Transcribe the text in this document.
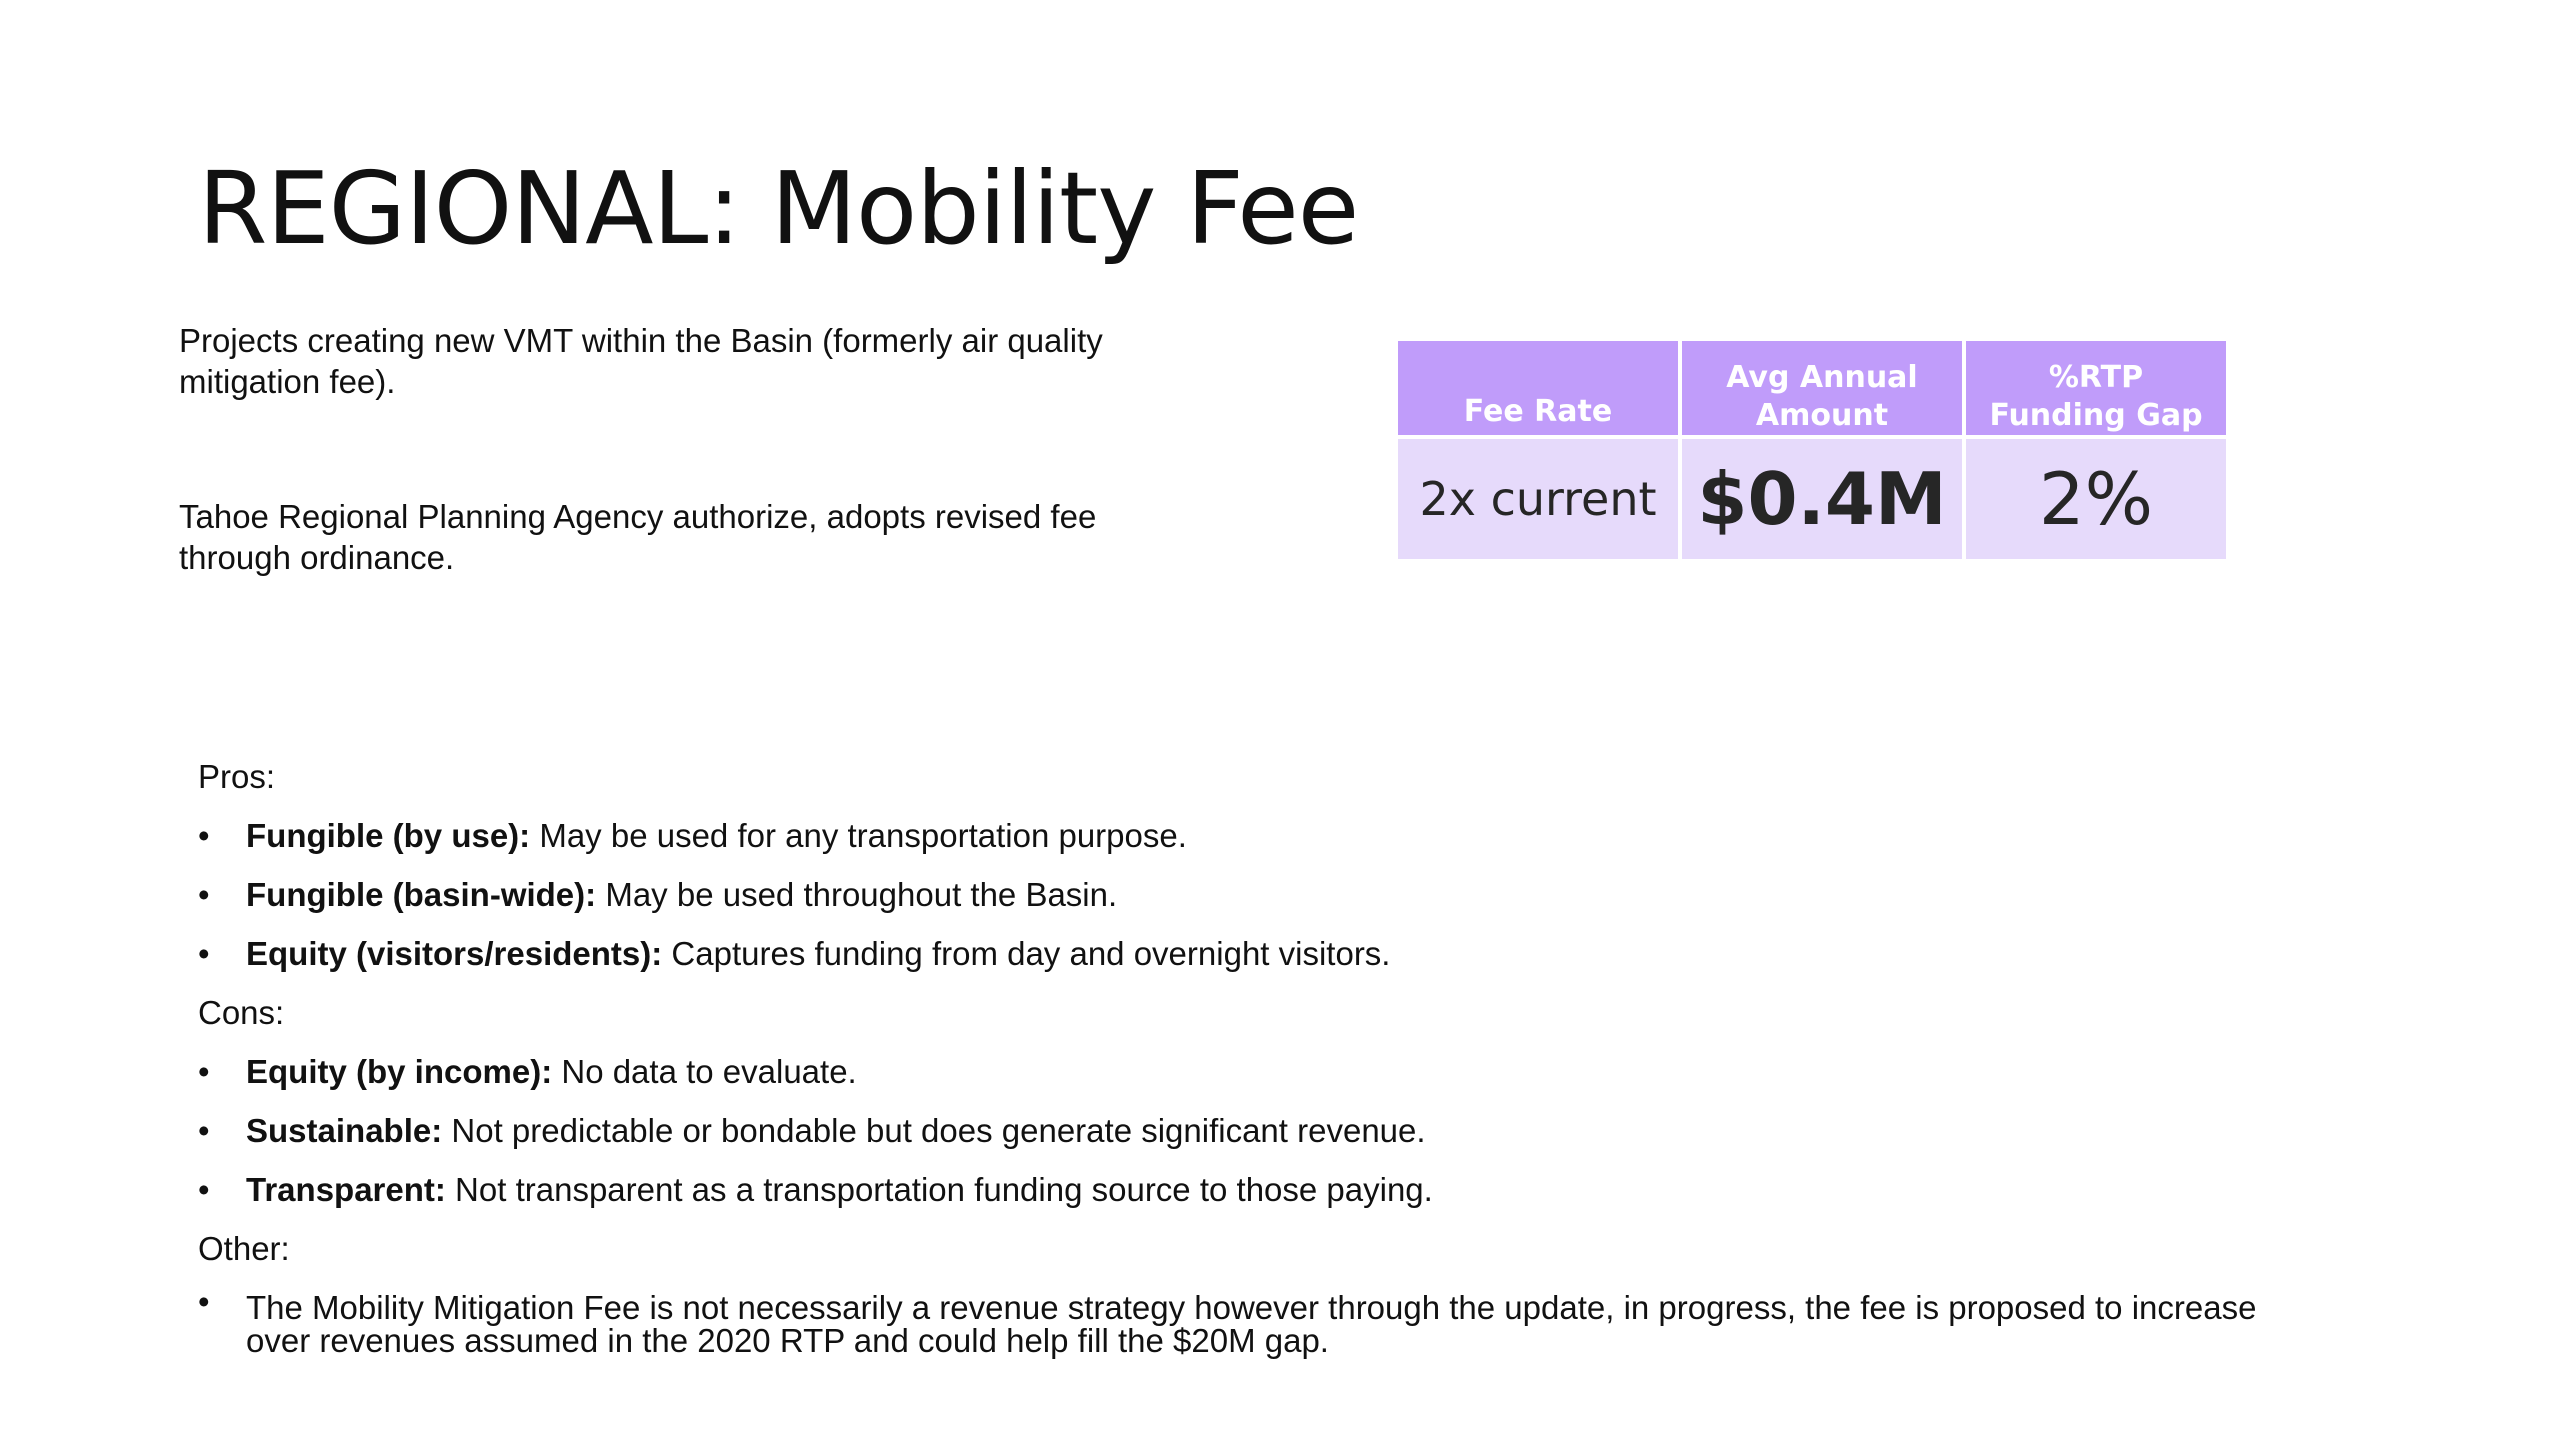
REGIONAL: Mobility Fee

Projects creating new VMT within the Basin (formerly air quality mitigation fee).

Tahoe Regional Planning Agency authorize, adopts revised fee through ordinance.

Fee Rate	Avg Annual Amount	%RTP Funding Gap
2x current	$0.4M	2%

Pros:

• Fungible (by use): May be used for any transportation purpose.

• Fungible (basin-wide): May be used throughout the Basin.

• Equity (visitors/residents): Captures funding from day and overnight visitors.

Cons:

• Equity (by income): No data to evaluate.

• Sustainable: Not predictable or bondable but does generate significant revenue.

• Transparent: Not transparent as a transportation funding source to those paying.

Other:

• The Mobility Mitigation Fee is not necessarily a revenue strategy however through the update, in progress, the fee is proposed to increase over revenues assumed in the 2020 RTP and could help fill the $20M gap.
